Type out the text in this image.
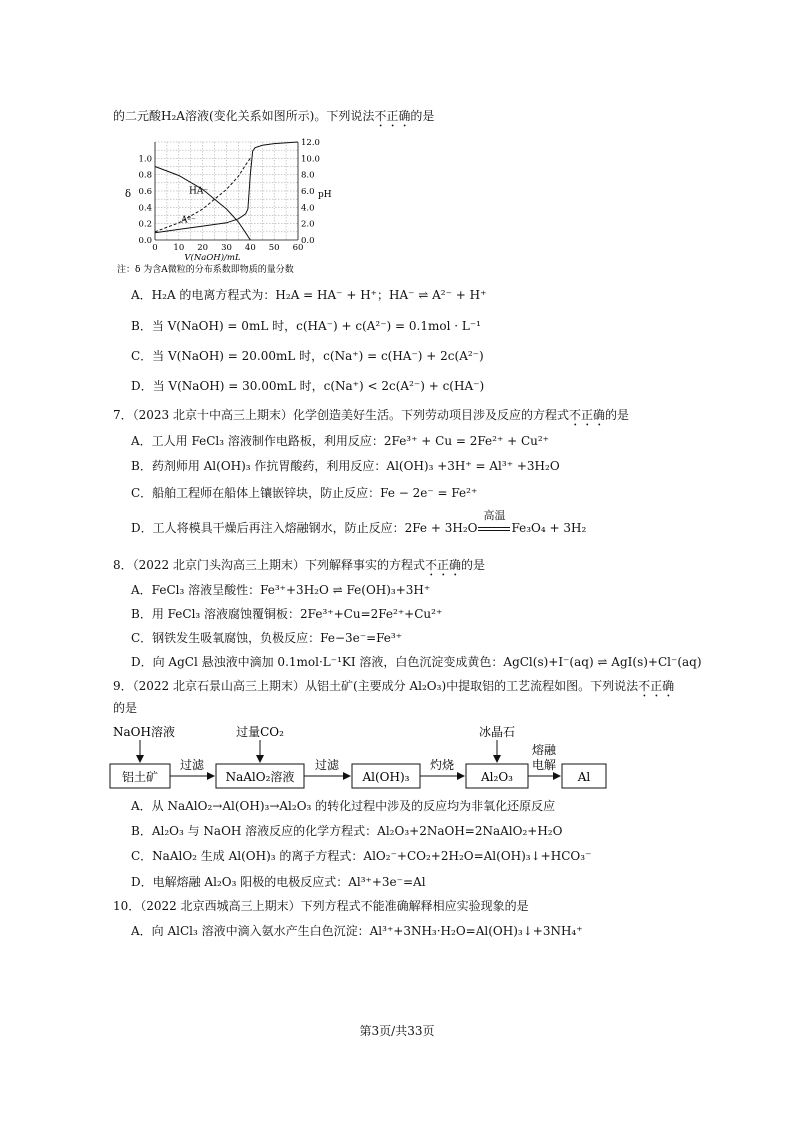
的二元酸H₂A溶液(变化关系如图所示)。下列说法不正确的是
0 10 20 30 40 50 60
0.0
0.2
0.4
0.6
0.8
1.0
0.0
2.0
4.0
6.0
8.0
10.0
12.0
HA⁻
A²⁻
V(NaOH)/mL
δ	pH
注：δ 为含A微粒的分布系数即物质的量分数
A．H₂A 的电离方程式为：H₂A = HA⁻ + H⁺；HA⁻ ⇌ A²⁻ + H⁺
B．当 V(NaOH) = 0mL 时，c(HA⁻) + c(A²⁻) = 0.1mol · L⁻¹
C．当 V(NaOH) = 20.00mL 时，c(Na⁺) = c(HA⁻) + 2c(A²⁻)
D．当 V(NaOH) = 30.00mL 时，c(Na⁺) < 2c(A²⁻) + c(HA⁻)
7．（2023 北京十中高三上期末）化学创造美好生活。下列劳动项目涉及反应的方程式不正确的是
A．工人用 FeCl₃ 溶液制作电路板，利用反应：2Fe³⁺ + Cu = 2Fe²⁺ + Cu²⁺
B．药剂师用 Al(OH)₃ 作抗胃酸药，利用反应：Al(OH)₃ +3H⁺ = Al³⁺ +3H₂O
C．船舶工程师在船体上镶嵌锌块，防止反应：Fe − 2e⁻ = Fe²⁺
D．工人将模具干燥后再注入熔融钢水，防止反应：2Fe + 3H₂O
高温
Fe₃O₄ + 3H₂
8．（2022 北京门头沟高三上期末）下列解释事实的方程式不正确的是
A．FeCl₃ 溶液呈酸性：Fe³⁺+3H₂O ⇌ Fe(OH)₃+3H⁺
B．用 FeCl₃ 溶液腐蚀覆铜板：2Fe³⁺+Cu=2Fe²⁺+Cu²⁺
C．钢铁发生吸氧腐蚀，负极反应：Fe−3e⁻=Fe³⁺
D．向 AgCl 悬浊液中滴加 0.1mol·L⁻¹KI 溶液，白色沉淀变成黄色：AgCl(s)+I⁻(aq) ⇌ AgI(s)+Cl⁻(aq)
9．（2022 北京石景山高三上期末）从铝土矿(主要成分 Al₂O₃)中提取铝的工艺流程如图。下列说法不正确
的是
铝土矿	NaAlO₂溶液	Al(OH)₃	Al₂O₃	Al
过滤	过滤	灼烧
熔融
电解
NaOH溶液	过量CO₂	冰晶石
A．从 NaAlO₂→Al(OH)₃→Al₂O₃ 的转化过程中涉及的反应均为非氧化还原反应
B．Al₂O₃ 与 NaOH 溶液反应的化学方程式：Al₂O₃+2NaOH=2NaAlO₂+H₂O
C．NaAlO₂ 生成 Al(OH)₃ 的离子方程式：AlO₂⁻+CO₂+2H₂O=Al(OH)₃↓+HCO₃⁻
D．电解熔融 Al₂O₃ 阳极的电极反应式：Al³⁺+3e⁻=Al
10．（2022 北京西城高三上期末）下列方程式不能准确解释相应实验现象的是
A．向 AlCl₃ 溶液中滴入氨水产生白色沉淀：Al³⁺+3NH₃·H₂O=Al(OH)₃↓+3NH₄⁺
第3页/共33页
